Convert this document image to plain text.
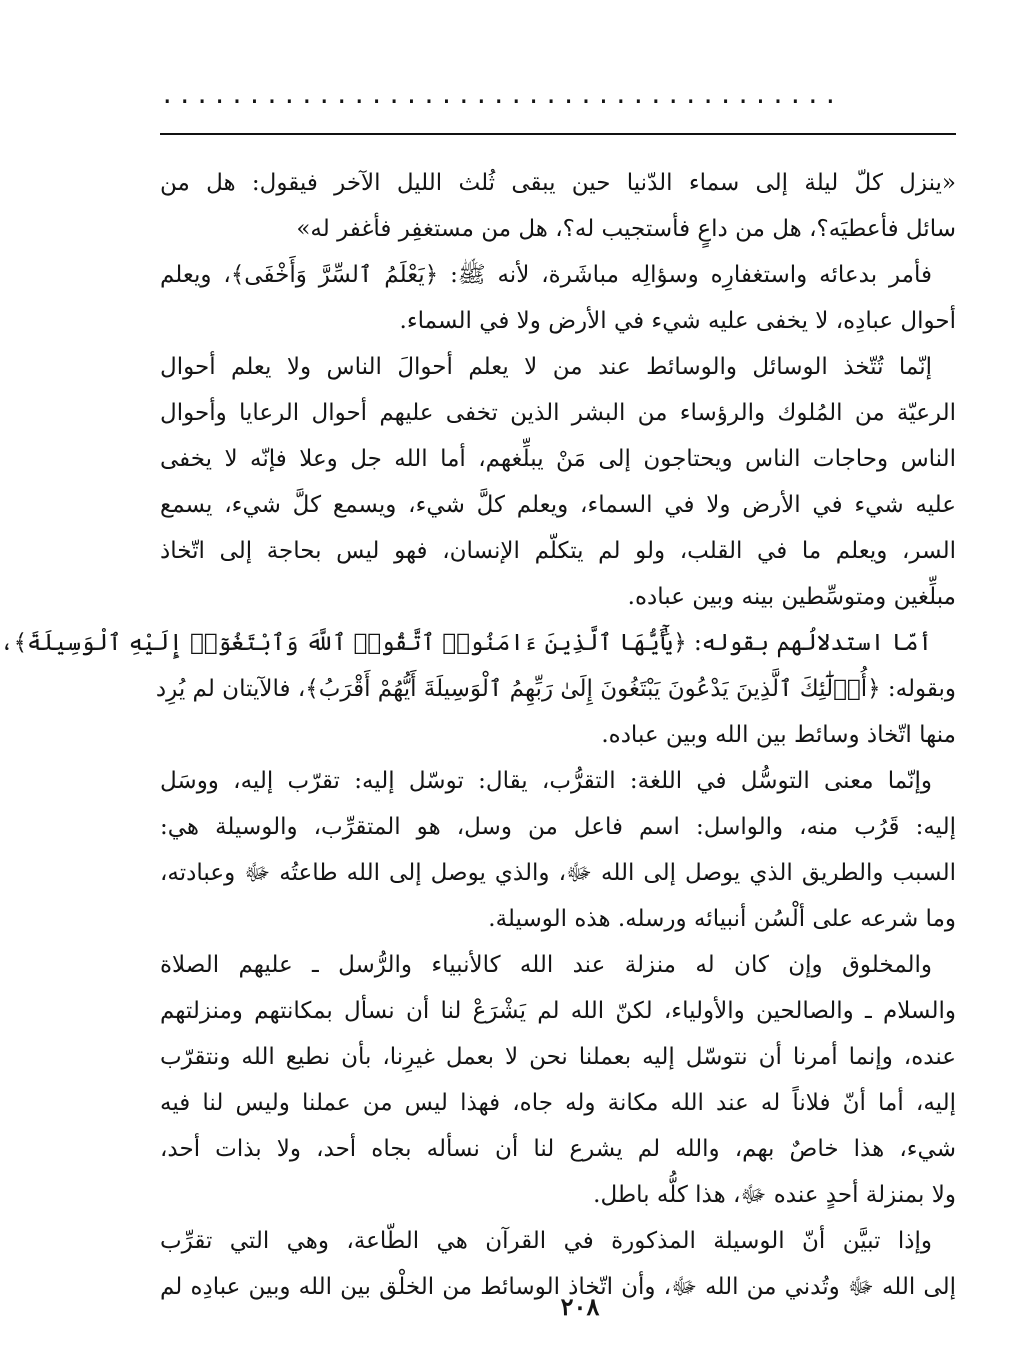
.......................................
«ينزل كلّ ليلة إلى سماء الدّنيا حين يبقى ثُلث الليل الآخر فيقول: هل من
سائل فأعطيَه؟، هل من داعٍ فأستجيب له؟، هل من مستغفِر فأغفر له»
فأمر بدعائه واستغفارِه وسؤالِه مباشَرة، لأنه ﷺ: ﴿يَعْلَمُ ٱلسِّرَّ وَأَخْفَى﴾، ويعلم
أحوال عبادِه، لا يخفى عليه شيء في الأرض ولا في السماء.
إنّما تُتّخذ الوسائل والوسائط عند من لا يعلم أحوالَ الناس ولا يعلم أحوال
الرعيّة من المُلوك والرؤساء من البشر الذين تخفى عليهم أحوال الرعايا وأحوال
الناس وحاجات الناس ويحتاجون إلى مَنْ يبلِّغهم، أما الله جل وعلا فإنّه لا يخفى
عليه شيء في الأرض ولا في السماء، ويعلم كلَّ شيء، ويسمع كلَّ شيء، يسمع
السر، ويعلم ما في القلب، ولو لم يتكلّم الإنسان، فهو ليس بحاجة إلى اتّخاذ
مبلِّغين ومتوسِّطين بينه وبين عباده.
أمّا استدلالُهم بقوله: ﴿يَٰٓأَيُّهَا ٱلَّذِينَ ءَامَنُوا۟ ٱتَّقُوا۟ ٱللَّهَ وَٱبْتَغُوٓا۟ إِلَيْهِ ٱلْوَسِيلَةَ﴾،
وبقوله: ﴿أُو۟لَٰٓئِكَ ٱلَّذِينَ يَدْعُونَ يَبْتَغُونَ إِلَىٰ رَبِّهِمُ ٱلْوَسِيلَةَ أَيُّهُمْ أَقْرَبُ﴾، فالآيتان لم يُرِد
منها اتّخاذ وسائط بين الله وبين عباده.
وإنّما معنى التوسُّل في اللغة: التقرُّب، يقال: توسّل إليه: تقرّب إليه، ووسَل
إليه: قَرُب منه، والواسل: اسم فاعل من وسل، هو المتقرِّب، والوسيلة هي:
السبب والطريق الذي يوصل إلى الله ﷻ، والذي يوصل إلى الله طاعتُه ﷻ وعبادته،
وما شرعه على ألْسُن أنبيائه ورسله. هذه الوسيلة.
والمخلوق وإن كان له منزلة عند الله كالأنبياء والرُّسل ـ عليهم الصلاة
والسلام ـ والصالحين والأولياء، لكنّ الله لم يَشْرَعْ لنا أن نسأل بمكانتهم ومنزلتهم
عنده، وإنما أمرنا أن نتوسّل إليه بعملنا نحن لا بعمل غيرِنا، بأن نطيع الله ونتقرّب
إليه، أما أنّ فلاناً له عند الله مكانة وله جاه، فهذا ليس من عملنا وليس لنا فيه
شيء، هذا خاصٌ بهم، والله لم يشرع لنا أن نسأله بجاه أحد، ولا بذات أحد،
ولا بمنزلة أحدٍ عنده ﷻ، هذا كلُّه باطل.
وإذا تبيَّن أنّ الوسيلة المذكورة في القرآن هي الطّاعة، وهي التي تقرِّب
إلى الله ﷻ وتُدني من الله ﷻ، وأن اتّخاذ الوسائط من الخلْق بين الله وبين عبادِه لم
٢٠٨
